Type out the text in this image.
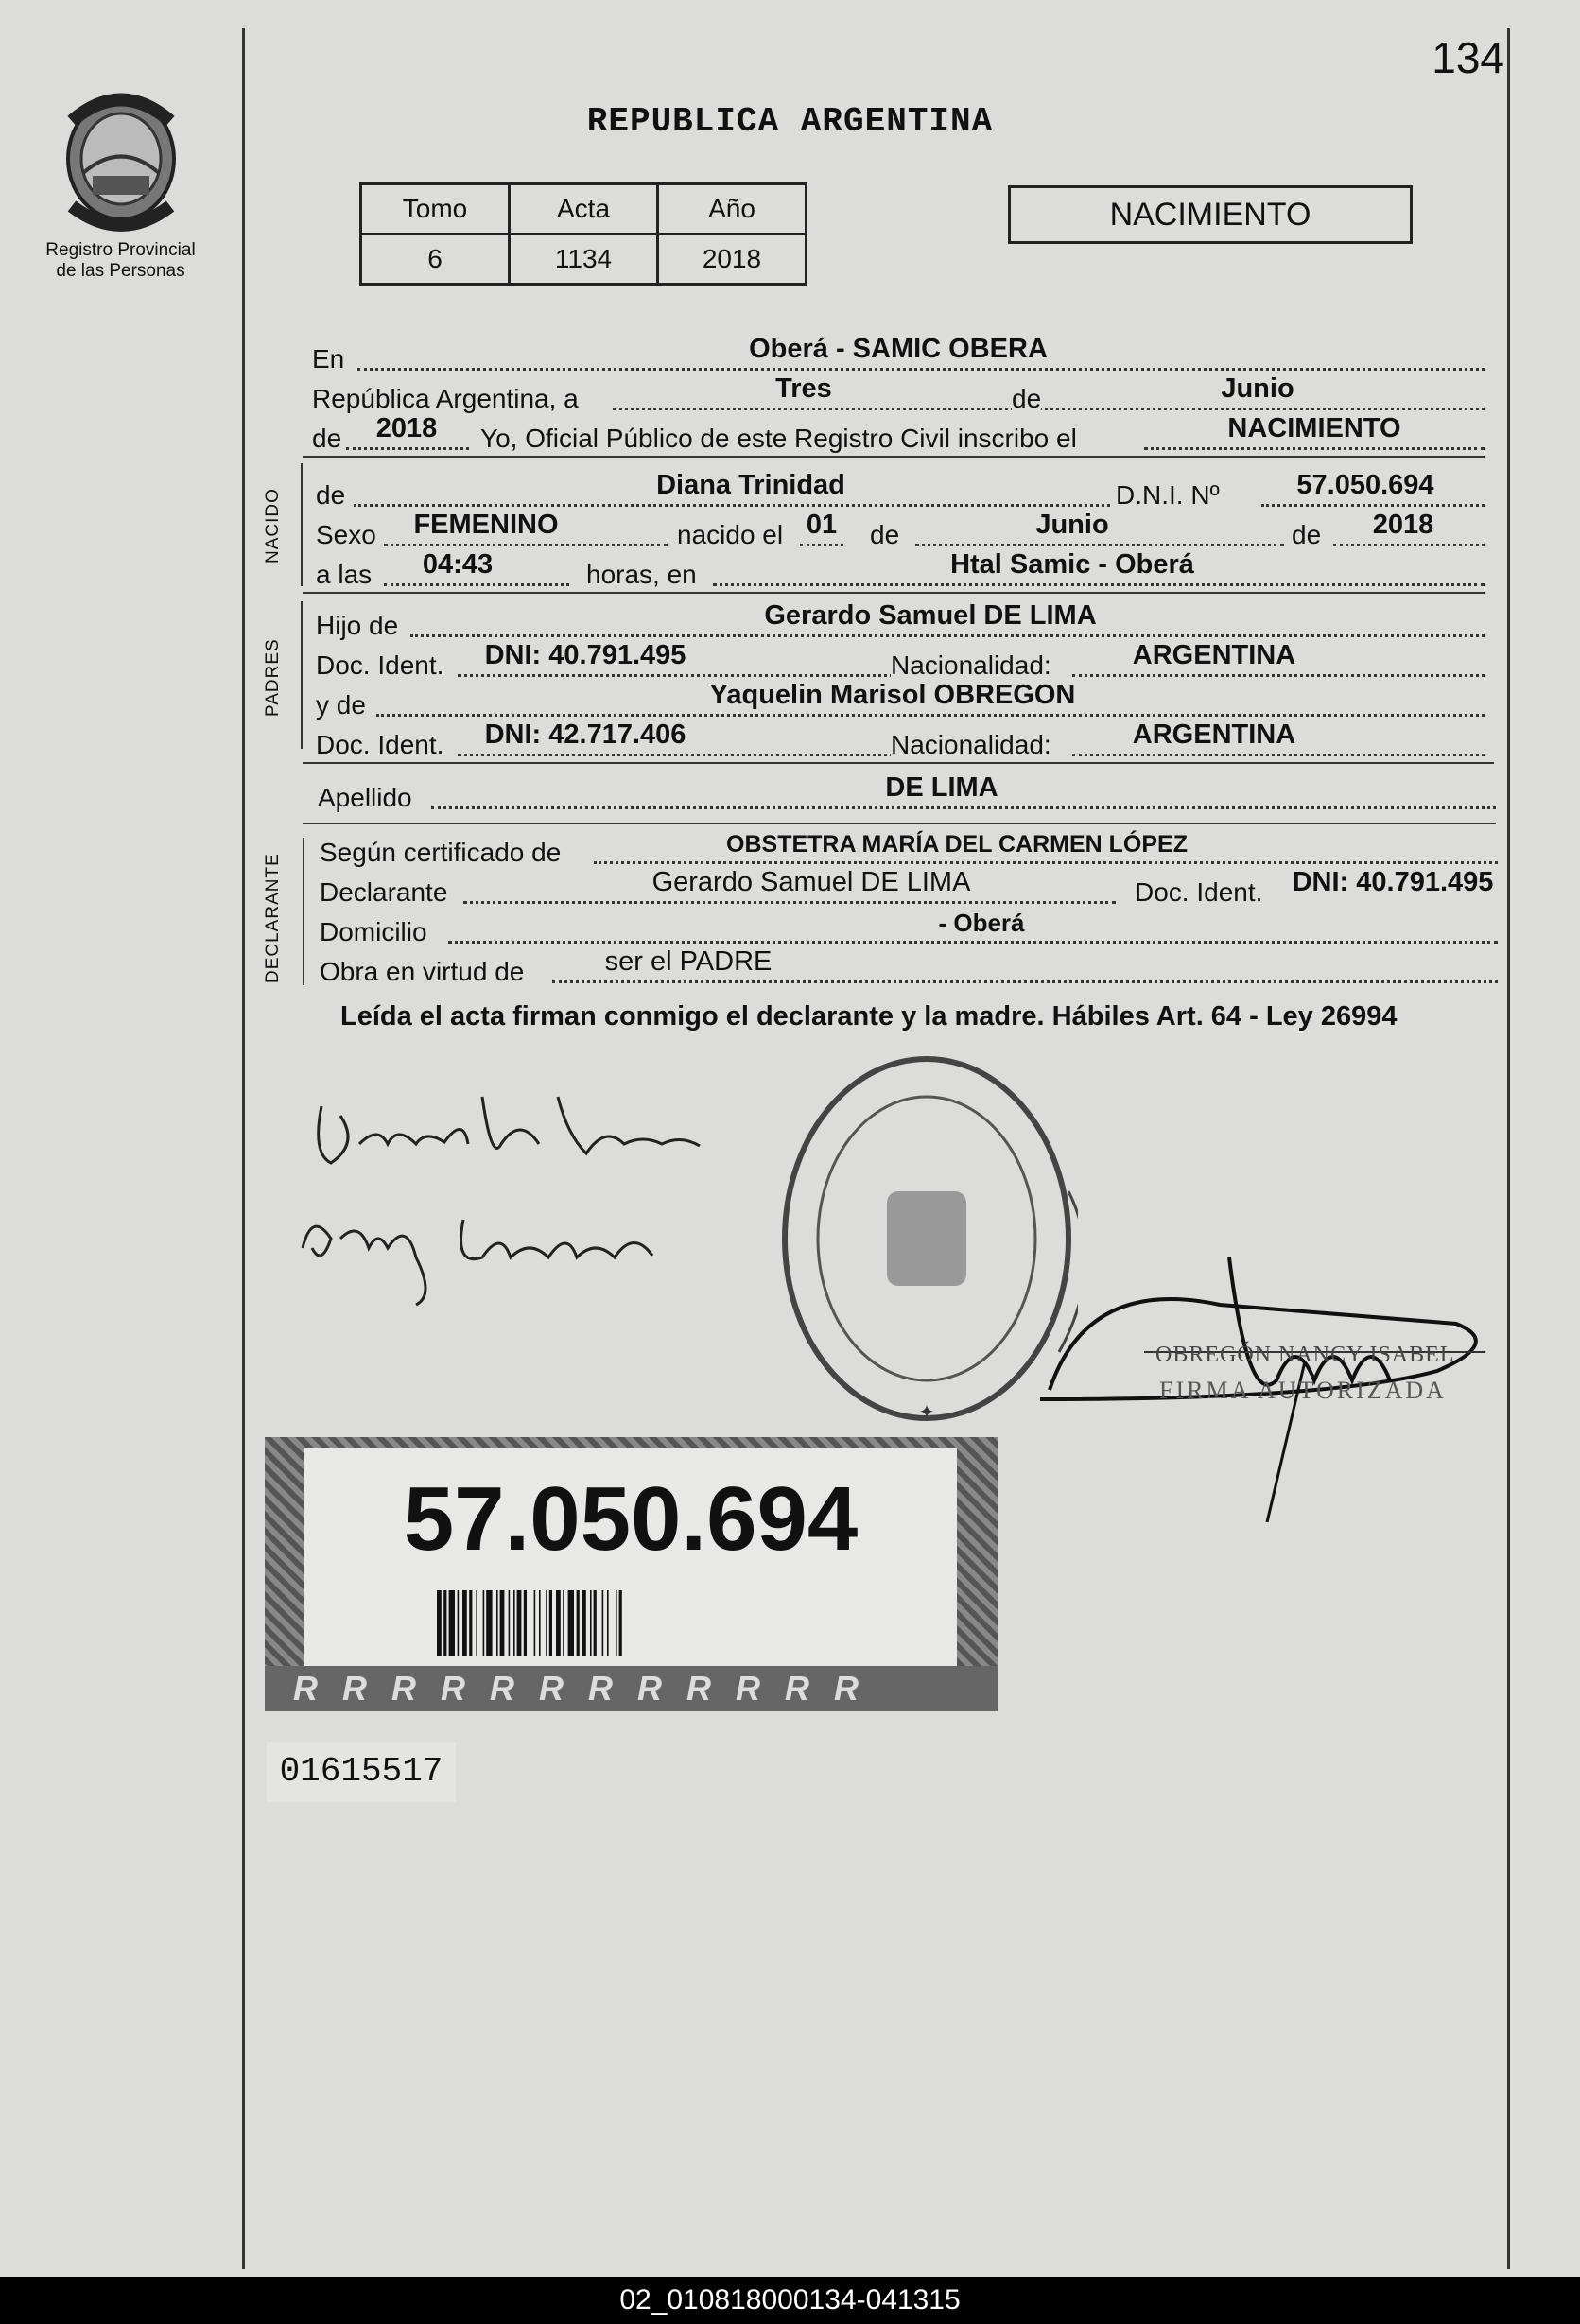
Registro Provincial
de las Personas
134
REPUBLICA ARGENTINA
Tomo	Acta	Año
6	1134	2018
NACIMIENTO
En	Oberá - SAMIC OBERA
República Argentina, a	Tres	de	Junio
de	2018	Yo, Oficial Público de este Registro Civil inscribo el	NACIMIENTO
NACIDO de	Diana Trinidad	D.N.I. Nº	57.050.694
Sexo	FEMENINO	nacido el 01	de	Junio	de	2018
a las	04:43	horas, en	Htal Samic - Oberá
PADRES
Hijo de	Gerardo Samuel DE LIMA
Doc. Ident.	DNI: 40.791.495	Nacionalidad:	ARGENTINA
y de	Yaquelin Marisol OBREGON
Doc. Ident.	DNI: 42.717.406	Nacionalidad:	ARGENTINA
Apellido	DE LIMA
DECLARANTE
Según certificado de	OBSTETRA MARÍA DEL CARMEN LÓPEZ
Declarante	Gerardo Samuel DE LIMA	Doc. Ident. DNI: 40.791.495
Domicilio	- Oberá
Obra en virtud de	ser el PADRE
Leída el acta firman conmigo el declarante y la madre. Hábiles Art. 64 - Ley 26994
✦
OBREGÓN NANCY ISABEL
FIRMA AUTORIZADA
57.050.694
RRRRRRRRRRRR
01615517
02_010818000134-041315
